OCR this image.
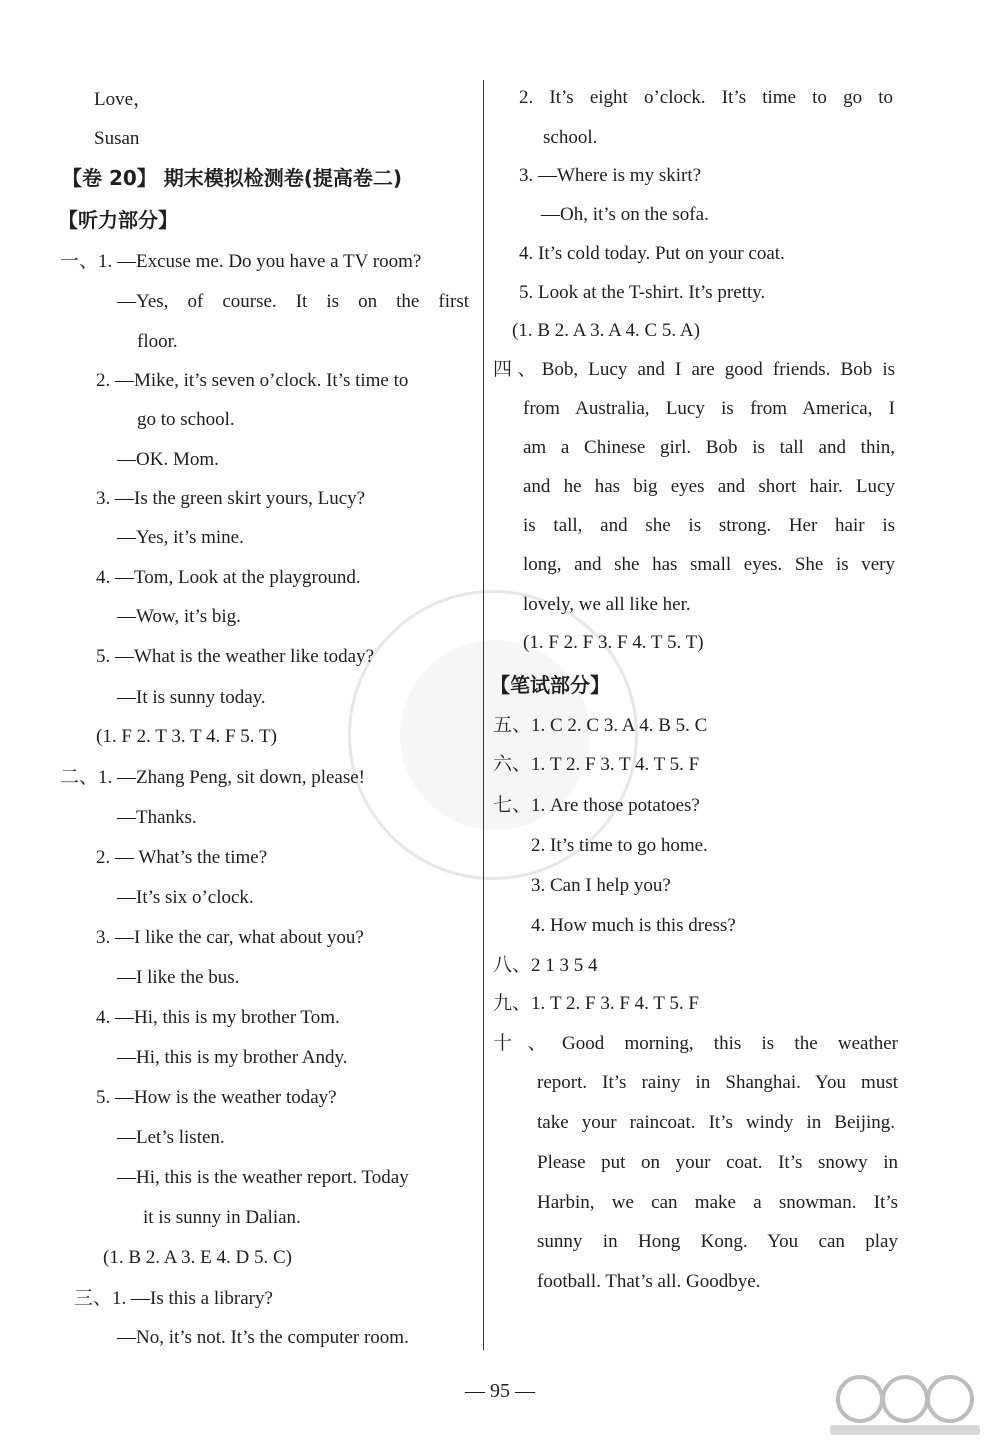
Love，
Susan
【卷 20】 期末模拟检测卷(提高卷二)
【听力部分】
一、1. —Excuse me. Do you have a TV room?
—Yes, of course. It is on the first
floor.
2. —Mike, it’s seven o’clock. It’s time to
go to school.
—OK. Mom.
3. —Is the green skirt yours, Lucy?
—Yes, it’s mine.
4. —Tom, Look at the playground.
—Wow, it’s big.
5. —What is the weather like today?
—It is sunny today.
(1. F 2. T 3. T 4. F 5. T)
二、1. —Zhang Peng, sit down, please!
—Thanks.
2. — What’s the time?
—It’s six o’clock.
3. —I like the car, what about you?
—I like the bus.
4. —Hi, this is my brother Tom.
—Hi, this is my brother Andy.
5. —How is the weather today?
—Let’s listen.
—Hi, this is the weather report. Today
it is sunny in Dalian.
(1. B 2. A 3. E 4. D 5. C)
三、1. —Is this a library?
—No, it’s not. It’s the computer room.
2. It’s eight o’clock. It’s time to go to
school.
3. —Where is my skirt?
—Oh, it’s on the sofa.
4. It’s cold today. Put on your coat.
5. Look at the T-shirt. It’s pretty.
(1. B 2. A 3. A 4. C 5. A)
四、Bob, Lucy and I are good friends. Bob is
from Australia, Lucy is from America, I
am a Chinese girl. Bob is tall and thin,
and he has big eyes and short hair. Lucy
is tall, and she is strong. Her hair is
long, and she has small eyes. She is very
lovely, we all like her.
(1. F 2. F 3. F 4. T 5. T)
【笔试部分】
五、1. C 2. C 3. A 4. B 5. C
六、1. T 2. F 3. T 4. T 5. F
七、1. Are those potatoes?
2. It’s time to go home.
3. Can I help you?
4. How much is this dress?
八、2 1 3 5 4
九、1. T 2. F 3. F 4. T 5. F
十、Good morning, this is the weather
report. It’s rainy in Shanghai. You must
take your raincoat. It’s windy in Beijing.
Please put on your coat. It’s snowy in
Harbin, we can make a snowman. It’s
sunny in Hong Kong. You can play
football. That’s all. Goodbye.
— 95 —
